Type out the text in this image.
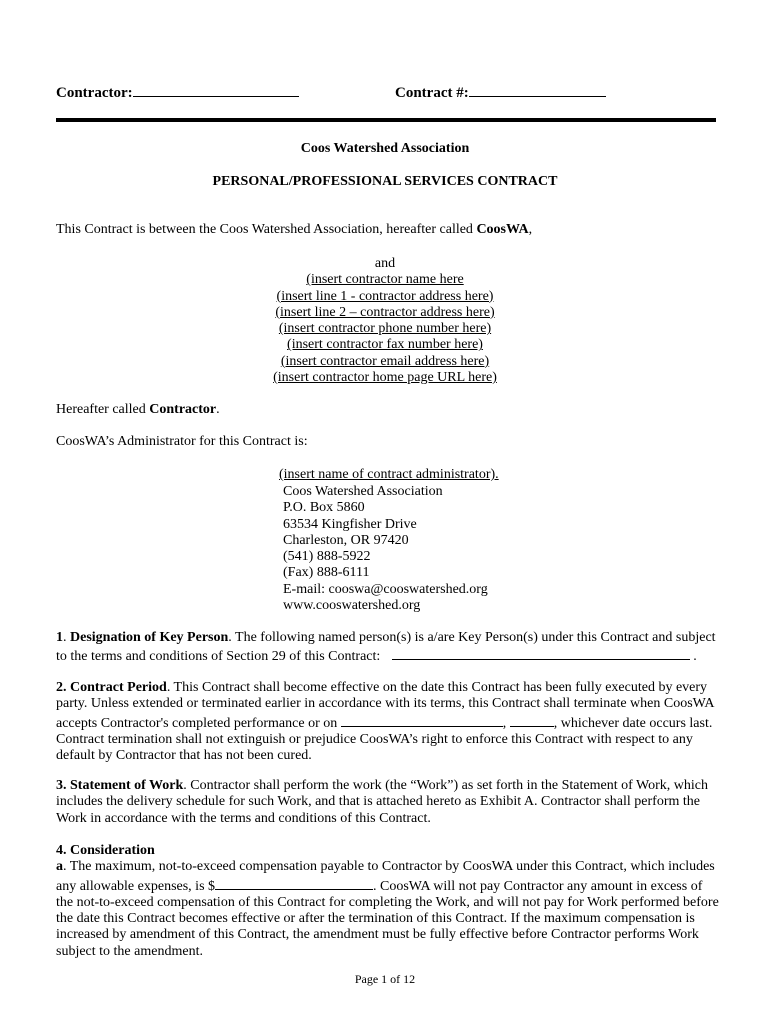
Contractor:	Contract #:
Coos Watershed Association
PERSONAL/PROFESSIONAL SERVICES CONTRACT
This Contract is between the Coos Watershed Association, hereafter called CoosWA,
and
(insert contractor name here
(insert line 1 - contractor address here)
(insert line 2 – contractor address here)
(insert contractor phone number here)
(insert contractor fax number here)
(insert contractor email address here)
(insert contractor home page URL here)
Hereafter called Contractor.
CoosWA’s Administrator for this Contract is:
(insert name of contract administrator).
Coos Watershed Association
P.O. Box 5860
63534 Kingfisher Drive
Charleston, OR 97420
(541) 888-5922
(Fax) 888-6111
E-mail: cooswa@cooswatershed.org
www.cooswatershed.org
1. Designation of Key Person. The following named person(s) is a/are Key Person(s) under this Contract and subject
to the terms and conditions of Section 29 of this Contract:	.
2. Contract Period. This Contract shall become effective on the date this Contract has been fully executed by every
party. Unless extended or terminated earlier in accordance with its terms, this Contract shall terminate when CoosWA
accepts Contractor's completed performance or on	,	, whichever date occurs last.
Contract termination shall not extinguish or prejudice CoosWA’s right to enforce this Contract with respect to any
default by Contractor that has not been cured.
3. Statement of Work. Contractor shall perform the work (the “Work”) as set forth in the Statement of Work, which
includes the delivery schedule for such Work, and that is attached hereto as Exhibit A. Contractor shall perform the
Work in accordance with the terms and conditions of this Contract.
4. Consideration
a. The maximum, not-to-exceed compensation payable to Contractor by CoosWA under this Contract, which includes
any allowable expenses, is $	. CoosWA will not pay Contractor any amount in excess of
the not-to-exceed compensation of this Contract for completing the Work, and will not pay for Work performed before
the date this Contract becomes effective or after the termination of this Contract. If the maximum compensation is
increased by amendment of this Contract, the amendment must be fully effective before Contractor performs Work
subject to the amendment.
Page 1 of 12
